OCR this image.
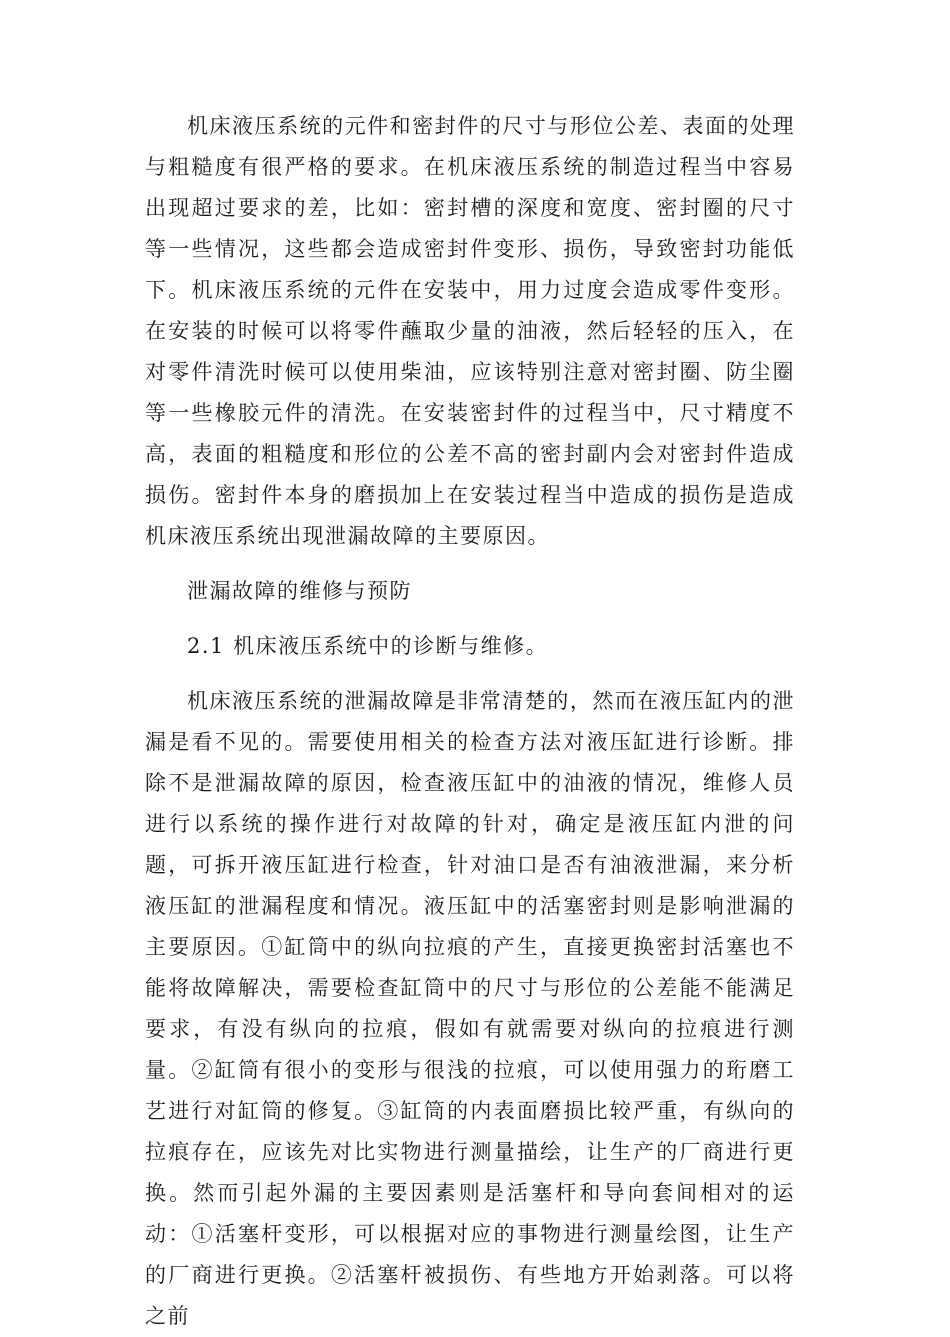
机床液压系统的元件和密封件的尺寸与形位公差、表面的处理与粗糙度有很严格的要求。在机床液压系统的制造过程当中容易出现超过要求的差，比如：密封槽的深度和宽度、密封圈的尺寸等一些情况，这些都会造成密封件变形、损伤，导致密封功能低下。机床液压系统的元件在安装中，用力过度会造成零件变形。在安装的时候可以将零件蘸取少量的油液，然后轻轻的压入，在对零件清洗时候可以使用柴油，应该特别注意对密封圈、防尘圈等一些橡胶元件的清洗。在安装密封件的过程当中，尺寸精度不高，表面的粗糙度和形位的公差不高的密封副内会对密封件造成损伤。密封件本身的磨损加上在安装过程当中造成的损伤是造成机床液压系统出现泄漏故障的主要原因。

泄漏故障的维修与预防

2.1 机床液压系统中的诊断与维修。

机床液压系统的泄漏故障是非常清楚的，然而在液压缸内的泄漏是看不见的。需要使用相关的检查方法对液压缸进行诊断。排除不是泄漏故障的原因，检查液压缸中的油液的情况，维修人员进行以系统的操作进行对故障的针对，确定是液压缸内泄的问题，可拆开液压缸进行检查，针对油口是否有油液泄漏，来分析液压缸的泄漏程度和情况。液压缸中的活塞密封则是影响泄漏的主要原因。①缸筒中的纵向拉痕的产生，直接更换密封活塞也不能将故障解决，需要检查缸筒中的尺寸与形位的公差能不能满足要求，有没有纵向的拉痕，假如有就需要对纵向的拉痕进行测量。②缸筒有很小的变形与很浅的拉痕，可以使用强力的珩磨工艺进行对缸筒的修复。③缸筒的内表面磨损比较严重，有纵向的拉痕存在，应该先对比实物进行测量描绘，让生产的厂商进行更换。然而引起外漏的主要因素则是活塞杆和导向套间相对的运动：①活塞杆变形，可以根据对应的事物进行测量绘图，让生产的厂商进行更换。②活塞杆被损伤、有些地方开始剥落。可以将之前
